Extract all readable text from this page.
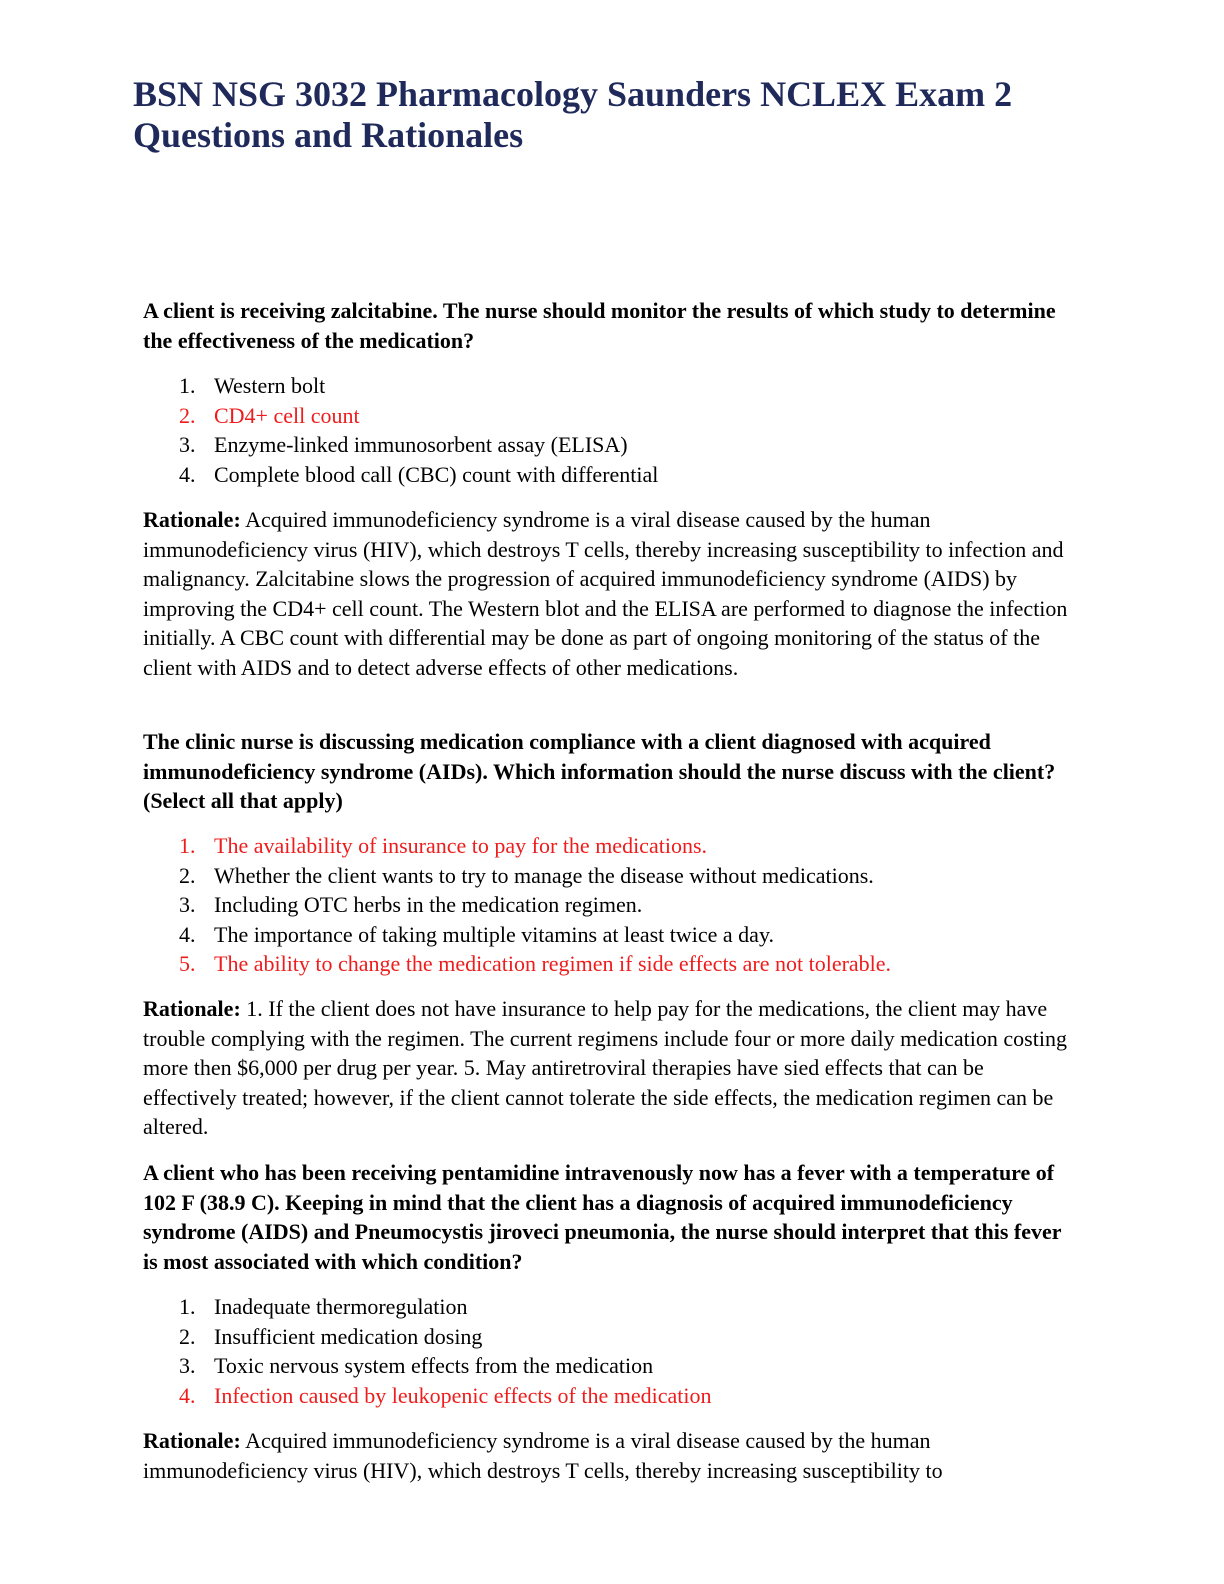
BSN NSG 3032 Pharmacology Saunders NCLEX Exam 2 Questions and Rationales

A client is receiving zalcitabine. The nurse should monitor the results of which study to determine the effectiveness of the medication?

1. Western bolt
2. CD4+ cell count
3. Enzyme-linked immunosorbent assay (ELISA)
4. Complete blood call (CBC) count with differential

Rationale: Acquired immunodeficiency syndrome is a viral disease caused by the human immunodeficiency virus (HIV), which destroys T cells, thereby increasing susceptibility to infection and malignancy. Zalcitabine slows the progression of acquired immunodeficiency syndrome (AIDS) by improving the CD4+ cell count. The Western blot and the ELISA are performed to diagnose the infection initially. A CBC count with differential may be done as part of ongoing monitoring of the status of the client with AIDS and to detect adverse effects of other medications.

The clinic nurse is discussing medication compliance with a client diagnosed with acquired immunodeficiency syndrome (AIDs). Which information should the nurse discuss with the client? (Select all that apply)

1. The availability of insurance to pay for the medications.
2. Whether the client wants to try to manage the disease without medications.
3. Including OTC herbs in the medication regimen.
4. The importance of taking multiple vitamins at least twice a day.
5. The ability to change the medication regimen if side effects are not tolerable.

Rationale: 1. If the client does not have insurance to help pay for the medications, the client may have trouble complying with the regimen. The current regimens include four or more daily medication costing more then $6,000 per drug per year. 5. May antiretroviral therapies have sied effects that can be effectively treated; however, if the client cannot tolerate the side effects, the medication regimen can be altered.

A client who has been receiving pentamidine intravenously now has a fever with a temperature of 102 F (38.9 C). Keeping in mind that the client has a diagnosis of acquired immunodeficiency syndrome (AIDS) and Pneumocystis jiroveci pneumonia, the nurse should interpret that this fever is most associated with which condition?

1. Inadequate thermoregulation
2. Insufficient medication dosing
3. Toxic nervous system effects from the medication
4. Infection caused by leukopenic effects of the medication

Rationale: Acquired immunodeficiency syndrome is a viral disease caused by the human immunodeficiency virus (HIV), which destroys T cells, thereby increasing susceptibility to
